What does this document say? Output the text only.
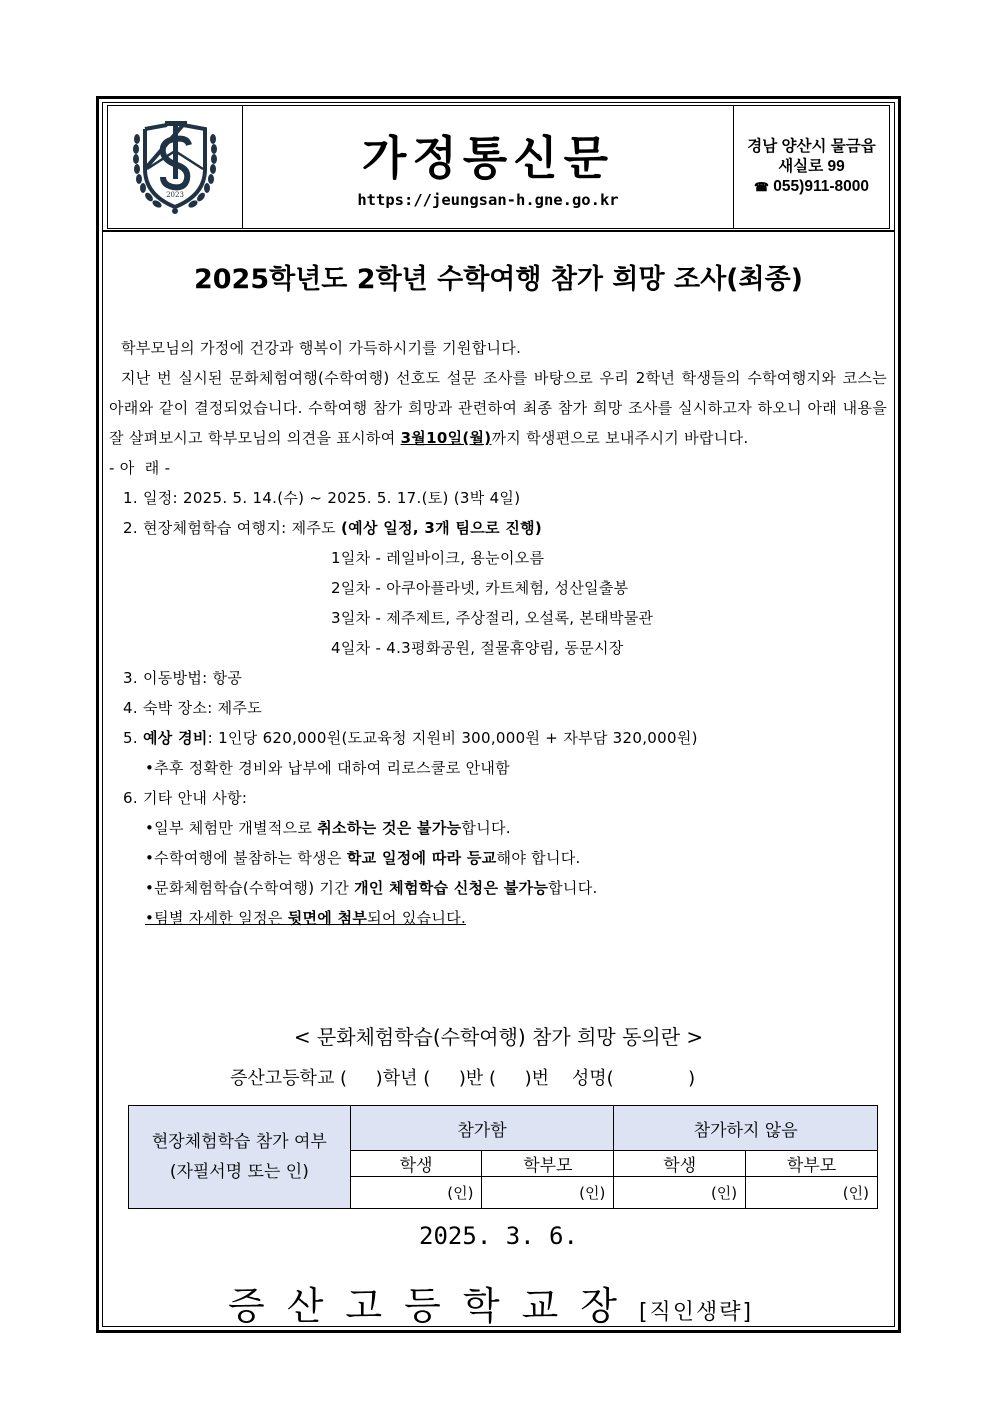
2023
가정통신문
https://jeungsan-h.gne.go.kr
경남 양산시 물금읍
새실로 99
☎ 055)911-8000
2025학년도 2학년 수학여행 참가 희망 조사(최종)

학부모님의 가정에 건강과 행복이 가득하시기를 기원합니다.

지난 번 실시된 문화체험여행(수학여행) 선호도 설문 조사를 바탕으로 우리 2학년 학생들의 수학여행지와 코스는 아래와 같이 결정되었습니다. 수학여행 참가 희망과 관련하여 최종 참가 희망 조사를 실시하고자 하오니 아래 내용을 잘 살펴보시고 학부모님의 의견을 표시하여 3월10일(월)까지 학생편으로 보내주시기 바랍니다.

- 아  래 -

1. 일정: 2025. 5. 14.(수) ~ 2025. 5. 17.(토) (3박 4일)

2. 현장체험학습 여행지: 제주도 (예상 일정, 3개 팀으로 진행)

1일차 - 레일바이크, 용눈이오름

2일차 - 아쿠아플라넷, 카트체험, 성산일출봉

3일차 - 제주제트, 주상절리, 오설록, 본태박물관

4일차 - 4.3평화공원, 절물휴양림, 동문시장

3. 이동방법: 항공

4. 숙박 장소: 제주도

5. 예상 경비: 1인당 620,000원(도교육청 지원비 300,000원 + 자부담 320,000원)

•추후 정확한 경비와 납부에 대하여 리로스쿨로 안내함

6. 기타 안내 사항:

•일부 체험만 개별적으로 취소하는 것은 불가능합니다.

•수학여행에 불참하는 학생은 학교 일정에 따라 등교해야 합니다.

•문화체험학습(수학여행) 기간 개인 체험학습 신청은 불가능합니다.

•팀별 자세한 일정은 뒷면에 첨부되어 있습니다.

< 문화체험학습(수학여행) 참가 희망 동의란 >
증산고등학교 (     )학년 (     )반 (     )번    성명(             )
현장체험학습 참가 여부
(자필서명 또는 인)	참가함		참가하지 않음	
	학생	학부모	학생	학부모
	(인)	(인)	(인)	(인)
2025. 3. 6.
증산고등학교장[직인생략]
